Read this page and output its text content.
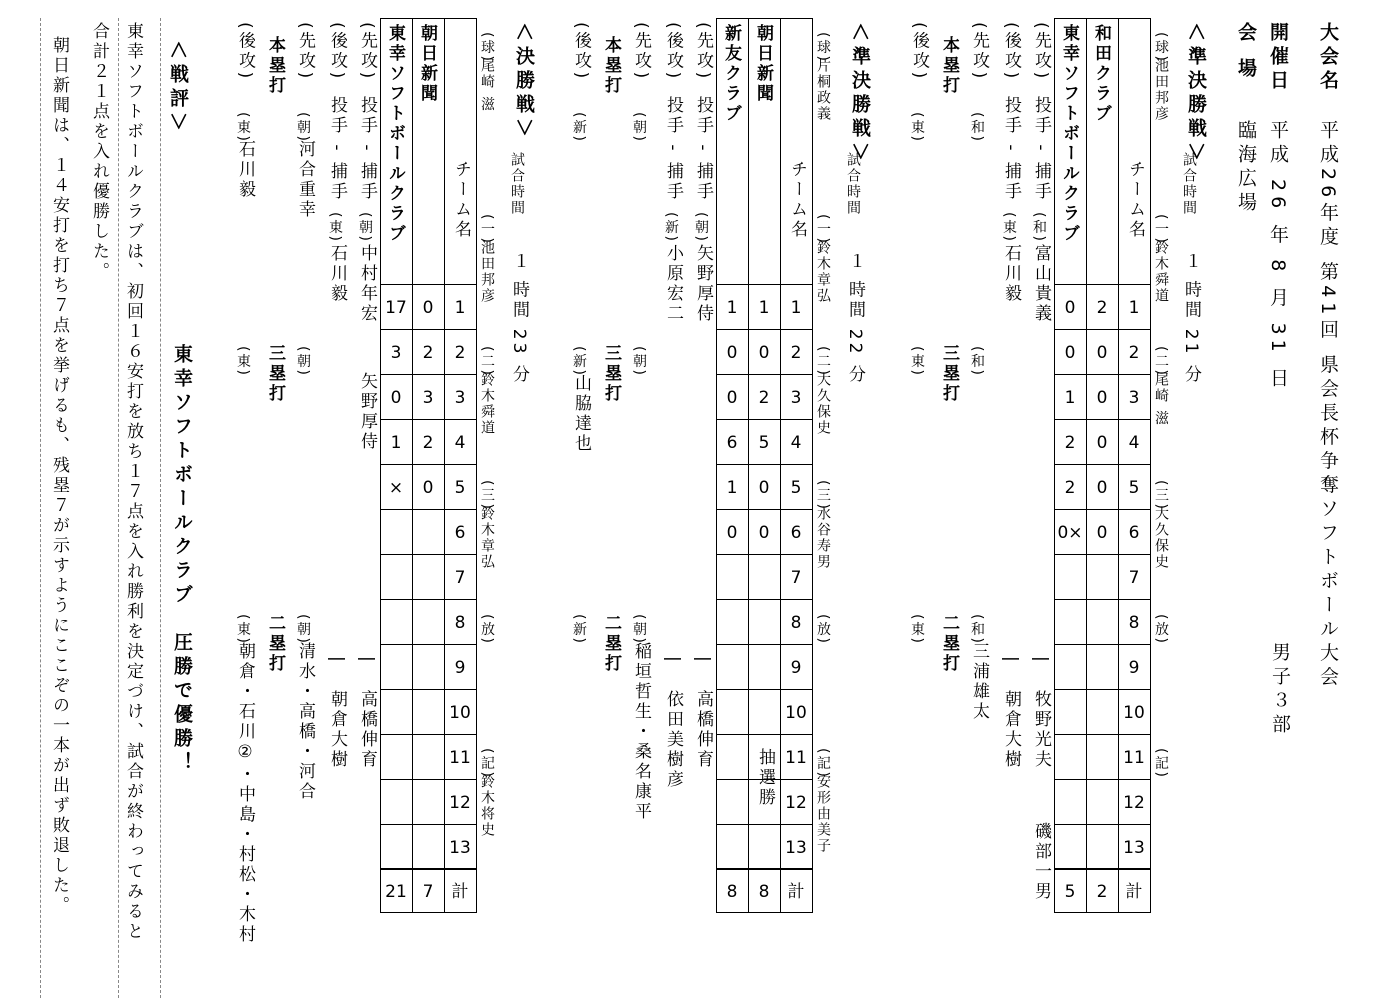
大会名
平成26年度 第41回 県会長杯争奪ソフトボール大会
開催日
平成 26 年 8 月 31 日
会 場
臨海広場
男子３部
＜準決勝戦＞
試合時間
１ 時間 21 分
(球)
池田邦彦
(一)
鈴木舜道
(二)
尾崎 滋
(三)
大久保史
(放)
(記)
チーム名
和田クラブ
東幸ソフトボールクラブ
1
2
0
2
0
0
3
0
1
4
0
2
5
0
2
6
0
0×
7
8
9
10
11
12
13
計
2
5
(先攻)
投手 - 捕手
(和)
富山貴義
|
牧野光夫
磯部一男
(後攻)
投手 - 捕手
(東)
石川毅
|
朝倉大樹
(先攻)
(和)
本塁打
(後攻)
(東)
(和)
三塁打
(東)
(和)
三浦雄太
二塁打
(東)
＜準決勝戦＞
試合時間
１ 時間 22 分
(球)
片桐政義
(一)
鈴木章弘
(二)
大久保史
(三)
水谷寿男
(放)
(記)
安形由美子
チーム名
朝日新聞
新友クラブ
1
1
1
2
0
0
3
2
0
4
5
6
5
0
1
6
0
0
7
8
9
10
11
12
13
計
8
8
抽選勝
(先攻)
投手 - 捕手
(朝)
矢野厚侍
|
高橋伸育
(後攻)
投手 - 捕手
(新)
小原宏二
|
依田美樹彦
(先攻)
(朝)
本塁打
(後攻)
(新)
(朝)
三塁打
(新)
山脇達也
(朝)
稲垣哲生・桑名康平
二塁打
(新)
＜決勝戦＞
試合時間
１ 時間 23 分
(球)
尾崎 滋
(一)
池田邦彦
(二)
鈴木舜道
(三)
鈴木章弘
(放)
(記)
鈴木将史
チーム名
朝日新聞
東幸ソフトボールクラブ
1
0
17
2
2
3
3
3
0
4
2
1
5
0
×
6
7
8
9
10
11
12
13
計
7
21
(先攻)
投手 - 捕手
(朝)
中村年宏
矢野厚侍
|
高橋伸育
(後攻)
投手 - 捕手
(東)
石川毅
|
朝倉大樹
(先攻)
(朝)
河合重幸
本塁打
(後攻)
(東)
石川毅
(朝)
三塁打
(東)
(朝)
清水・高橋・河合
二塁打
(東)
朝倉・石川②・中島・村松・木村
＜戦評＞
東幸ソフトボールクラブ　圧勝で優勝！
東幸ソフトボールクラブは、初回１６安打を放ち１７点を入れ勝利を決定づけ、試合が終わってみると
合計２１点を入れ優勝した。
朝日新聞は、１４安打を打ち７点を挙げるも、残塁７が示すようにここぞの一本が出ず敗退した。
